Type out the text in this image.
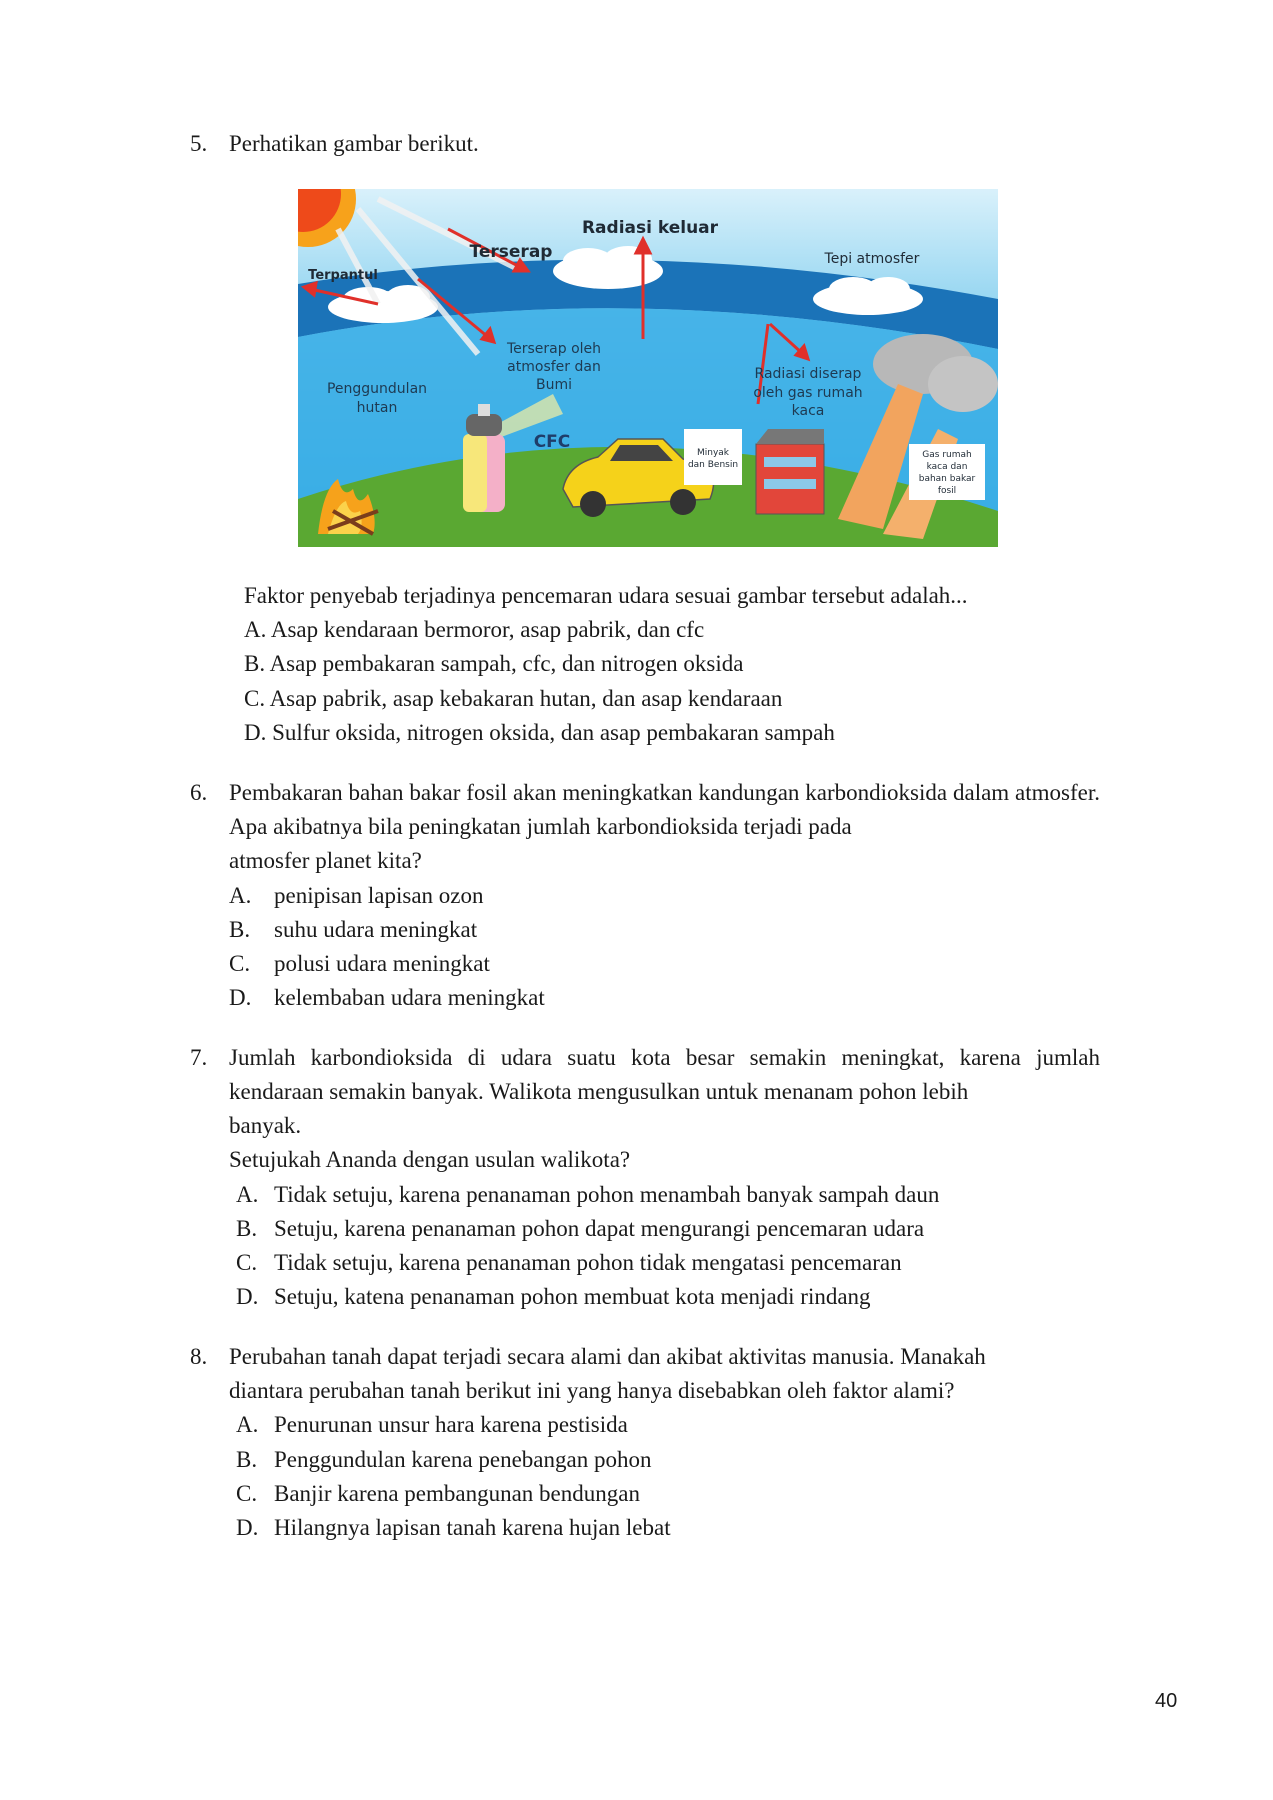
5. Perhatikan gambar berikut.
Radiasi keluar
Terserap
Terpantul
Tepi atmosfer
Terserap oleh
atmosfer dan
Bumi
Penggundulan
hutan
Radiasi diserap
oleh gas rumah
kaca
CFC
Minyak
dan Bensin
Gas rumah
kaca dan
bahan bakar
fosil
Faktor penyebab terjadinya pencemaran udara sesuai gambar tersebut adalah...
A. Asap kendaraan bermoror, asap pabrik, dan cfc
B. Asap pembakaran sampah, cfc, dan nitrogen oksida
C. Asap pabrik, asap kebakaran hutan, dan asap kendaraan
D. Sulfur oksida, nitrogen oksida, dan asap pembakaran sampah
6. Pembakaran bahan bakar fosil akan meningkatkan kandungan karbondioksida dalam atmosfer. Apa akibatnya bila peningkatan jumlah karbondioksida terjadi pada
atmosfer planet kita?
A. penipisan lapisan ozon
B. suhu udara meningkat
C. polusi udara meningkat
D. kelembaban udara meningkat
7. Jumlah karbondioksida di udara suatu kota besar semakin meningkat, karena jumlah kendaraan semakin banyak. Walikota mengusulkan untuk menanam pohon lebih
banyak.
Setujukah Ananda dengan usulan walikota?
A. Tidak setuju, karena penanaman pohon menambah banyak sampah daun
B. Setuju, karena penanaman pohon dapat mengurangi pencemaran udara
C. Tidak setuju, karena penanaman pohon tidak mengatasi pencemaran
D. Setuju, katena penanaman pohon membuat kota menjadi rindang
8. Perubahan tanah dapat terjadi secara alami dan akibat aktivitas manusia. Manakah
diantara perubahan tanah berikut ini yang hanya disebabkan oleh faktor alami?
A. Penurunan unsur hara karena pestisida
B. Penggundulan karena penebangan pohon
C. Banjir karena pembangunan bendungan
D. Hilangnya lapisan tanah karena hujan lebat
40
